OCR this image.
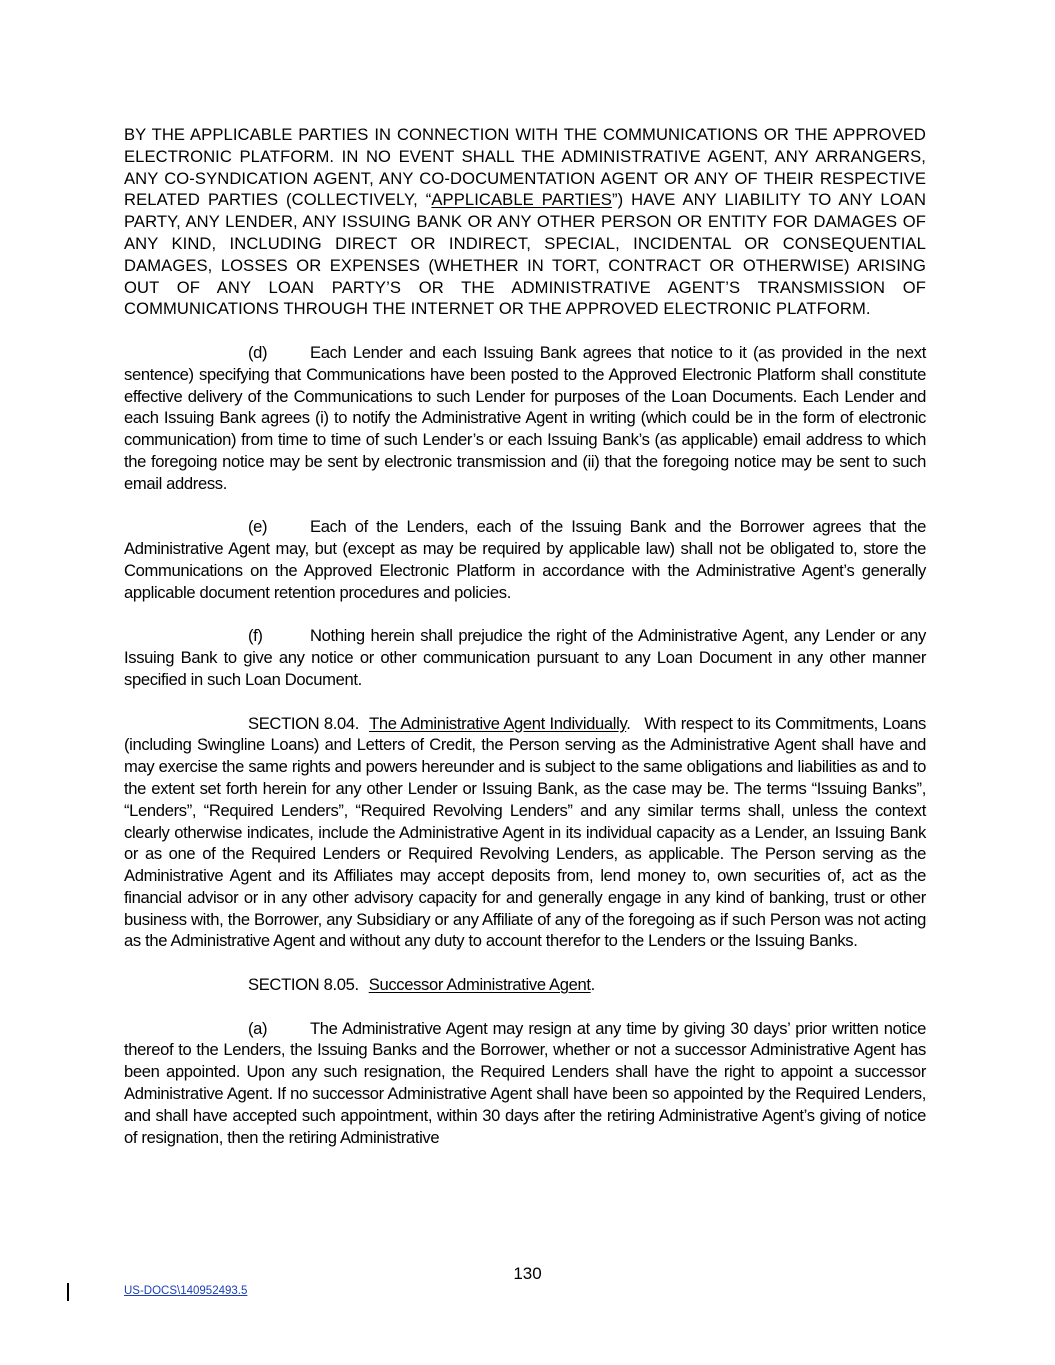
BY THE APPLICABLE PARTIES IN CONNECTION WITH THE COMMUNICATIONS OR THE APPROVED ELECTRONIC PLATFORM. IN NO EVENT SHALL THE ADMINISTRATIVE AGENT, ANY ARRANGERS, ANY CO-SYNDICATION AGENT, ANY CO-DOCUMENTATION AGENT OR ANY OF THEIR RESPECTIVE RELATED PARTIES (COLLECTIVELY, “APPLICABLE PARTIES”) HAVE ANY LIABILITY TO ANY LOAN PARTY, ANY LENDER, ANY ISSUING BANK OR ANY OTHER PERSON OR ENTITY FOR DAMAGES OF ANY KIND, INCLUDING DIRECT OR INDIRECT, SPECIAL, INCIDENTAL OR CONSEQUENTIAL DAMAGES, LOSSES OR EXPENSES (WHETHER IN TORT, CONTRACT OR OTHERWISE) ARISING OUT OF ANY LOAN PARTY’S OR THE ADMINISTRATIVE AGENT’S TRANSMISSION OF COMMUNICATIONS THROUGH THE INTERNET OR THE APPROVED ELECTRONIC PLATFORM.

(d)	Each Lender and each Issuing Bank agrees that notice to it (as provided in the next sentence) specifying that Communications have been posted to the Approved Electronic Platform shall constitute effective delivery of the Communications to such Lender for purposes of the Loan Documents. Each Lender and each Issuing Bank agrees (i) to notify the Administrative Agent in writing (which could be in the form of electronic communication) from time to time of such Lender’s or each Issuing Bank’s (as applicable) email address to which the foregoing notice may be sent by electronic transmission and (ii) that the foregoing notice may be sent to such email address.

(e)	Each of the Lenders, each of the Issuing Bank and the Borrower agrees that the Administrative Agent may, but (except as may be required by applicable law) shall not be obligated to, store the Communications on the Approved Electronic Platform in accordance with the Administrative Agent’s generally applicable document retention procedures and policies.

(f)	Nothing herein shall prejudice the right of the Administrative Agent, any Lender or any Issuing Bank to give any notice or other communication pursuant to any Loan Document in any other manner specified in such Loan Document.

SECTION 8.04. The Administrative Agent Individually. With respect to its Commitments, Loans (including Swingline Loans) and Letters of Credit, the Person serving as the Administrative Agent shall have and may exercise the same rights and powers hereunder and is subject to the same obligations and liabilities as and to the extent set forth herein for any other Lender or Issuing Bank, as the case may be. The terms “Issuing Banks”, “Lenders”, “Required Lenders”, “Required Revolving Lenders” and any similar terms shall, unless the context clearly otherwise indicates, include the Administrative Agent in its individual capacity as a Lender, an Issuing Bank or as one of the Required Lenders or Required Revolving Lenders, as applicable. The Person serving as the Administrative Agent and its Affiliates may accept deposits from, lend money to, own securities of, act as the financial advisor or in any other advisory capacity for and generally engage in any kind of banking, trust or other business with, the Borrower, any Subsidiary or any Affiliate of any of the foregoing as if such Person was not acting as the Administrative Agent and without any duty to account therefor to the Lenders or the Issuing Banks.

SECTION 8.05. Successor Administrative Agent.

(a)	The Administrative Agent may resign at any time by giving 30 days’ prior written notice thereof to the Lenders, the Issuing Banks and the Borrower, whether or not a successor Administrative Agent has been appointed. Upon any such resignation, the Required Lenders shall have the right to appoint a successor Administrative Agent. If no successor Administrative Agent shall have been so appointed by the Required Lenders, and shall have accepted such appointment, within 30 days after the retiring Administrative Agent’s giving of notice of resignation, then the retiring Administrative

130
US-DOCS\140952493.5
